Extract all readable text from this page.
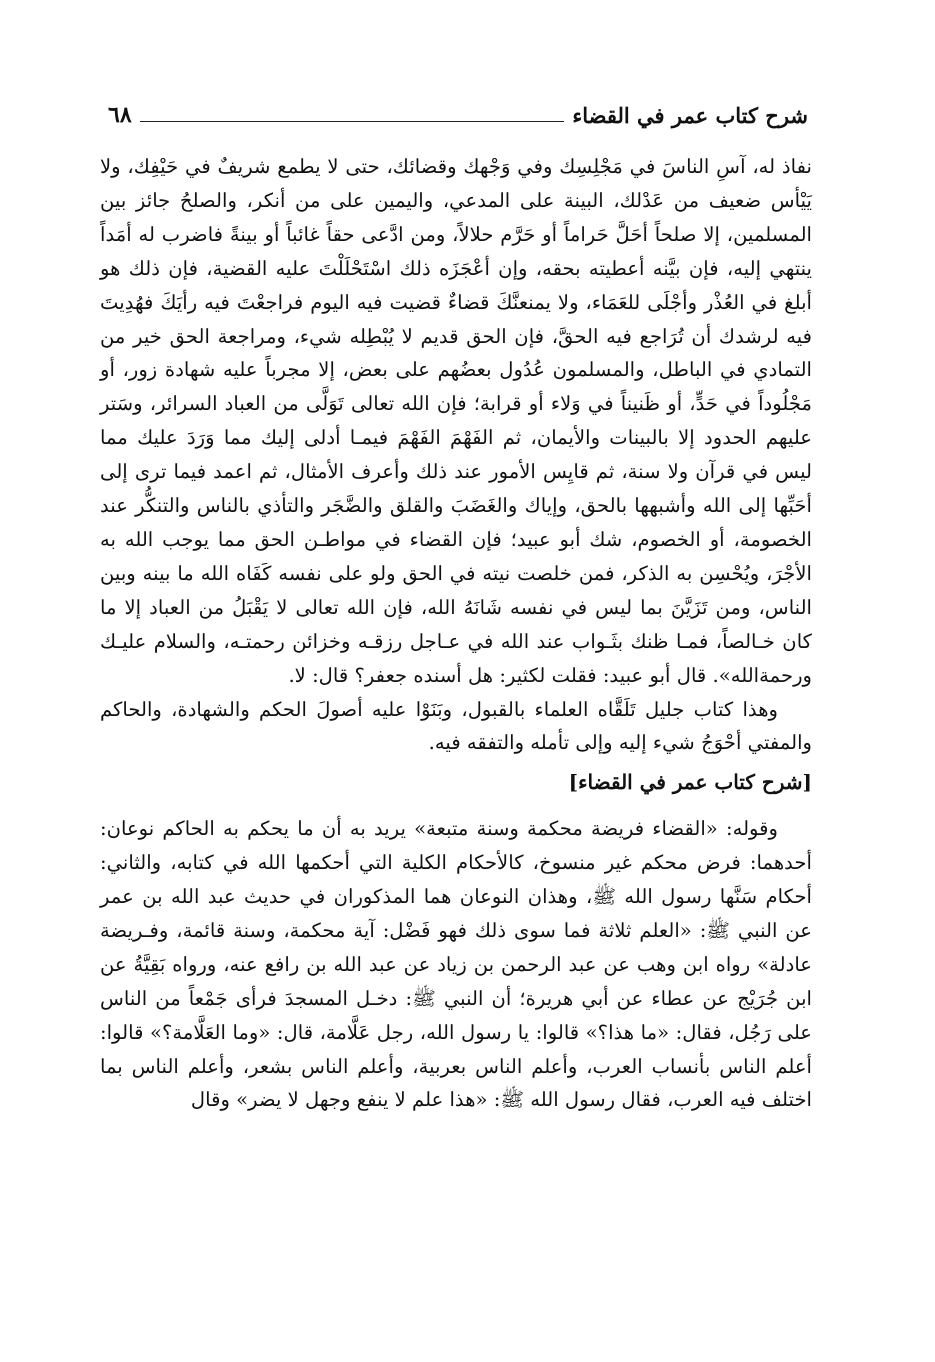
شرح كتاب عمر في القضاء
٦٨

نفاذ له، آسِ الناسَ في مَجْلِسِك وفي وَجْهك وقضائك، حتى لا يطمع شريفٌ في حَيْفِك، ولا يَيْأس ضعيف من عَدْلك، البينة على المدعي، واليمين على من أنكر، والصلحُ جائز بين المسلمين، إلا صلحاً أحَلَّ حَراماً أو حَرَّم حلالاً، ومن ادَّعى حقاً غائباً أو بينةً فاضرب له أمَداً ينتهي إليه، فإن بيَّنه أعطيته بحقه، وإن أعْجَزَه ذلك اسْتَحْلَلْتَ عليه القضية، فإن ذلك هو أبلغ في العُذْر وأجْلَى للعَمَاء، ولا يمنعنَّكَ قضاءٌ قضيت فيه اليوم فراجعْتَ فيه رأيَكَ فهُدِيتَ فيه لرشدك أن تُرَاجع فيه الحقَّ، فإن الحق قديم لا يُبْطِله شيء، ومراجعة الحق خير من التمادي في الباطل، والمسلمون عُدُول بعضُهم على بعض، إلا مجرباً عليه شهادة زور، أو مَجْلُوداً في حَدٍّ، أو ظَنيناً في وَلاء أو قرابة؛ فإن الله تعالى تَوَلَّى من العباد السرائر، وسَتر عليهم الحدود إلا بالبينات والأيمان، ثم الفَهْمَ الفَهْمَ فيمـا أدلى إليك مما وَرَدَ عليك مما ليس في قرآن ولا سنة، ثم قايِس الأمور عند ذلك وأعرف الأمثال، ثم اعمد فيما ترى إلى أحَبِّها إلى الله وأشبهها بالحق، وإياك والغَضَبَ والقلق والضَّجَر والتأذي بالناس والتنكُّر عند الخصومة، أو الخصوم، شك أبو عبيد؛ فإن القضاء في مواطـن الحق مما يوجب الله به الأجْرَ، ويُحْسِن به الذكر، فمن خلصت نيته في الحق ولو على نفسه كَفَاه الله ما بينه وبين الناس، ومن تَزَيَّنَ بما ليس في نفسه شَانَهُ الله، فإن الله تعالى لا يَقْبَلُ من العباد إلا ما كان خـالصاً، فمـا ظنك بثَـواب عند الله في عـاجل رزقـه وخزائن رحمتـه، والسلام عليـك ورحمةالله». قال أبو عبيد: فقلت لكثير: هل أسنده جعفر؟ قال: لا.

وهذا كتاب جليل تَلَقَّاه العلماء بالقبول، وبَنَوْا عليه أصولَ الحكم والشهادة، والحاكم والمفتي أحْوَجُ شيء إليه وإلى تأمله والتفقه فيه.

[شرح كتاب عمر في القضاء]

وقوله: «القضاء فريضة محكمة وسنة متبعة» يريد به أن ما يحكم به الحاكم نوعان: أحدهما: فرض محكم غير منسوخ، كالأحكام الكلية التي أحكمها الله في كتابه، والثاني: أحكام سَنَّها رسول الله ﷺ، وهذان النوعان هما المذكوران في حديث عبد الله بن عمر عن النبي ﷺ: «العلم ثلاثة فما سوى ذلك فهو فَضْل: آية محكمة، وسنة قائمة، وفـريضة عادلة» رواه ابن وهب عن عبد الرحمن بن زياد عن عبد الله بن رافع عنه، ورواه بَقِيَّةُ عن ابن جُرَيْج عن عطاء عن أبي هريرة؛ أن النبي ﷺ: دخـل المسجدَ فرأى جَمْعاً من الناس على رَجُل، فقال: «ما هذا؟» قالوا: يا رسول الله، رجل عَلَّامة، قال: «وما العَلَّامة؟» قالوا: أعلم الناس بأنساب العرب، وأعلم الناس بعربية، وأعلم الناس بشعر، وأعلم الناس بما اختلف فيه العرب، فقال رسول الله ﷺ: «هذا علم لا ينفع وجهل لا يضر» وقال
